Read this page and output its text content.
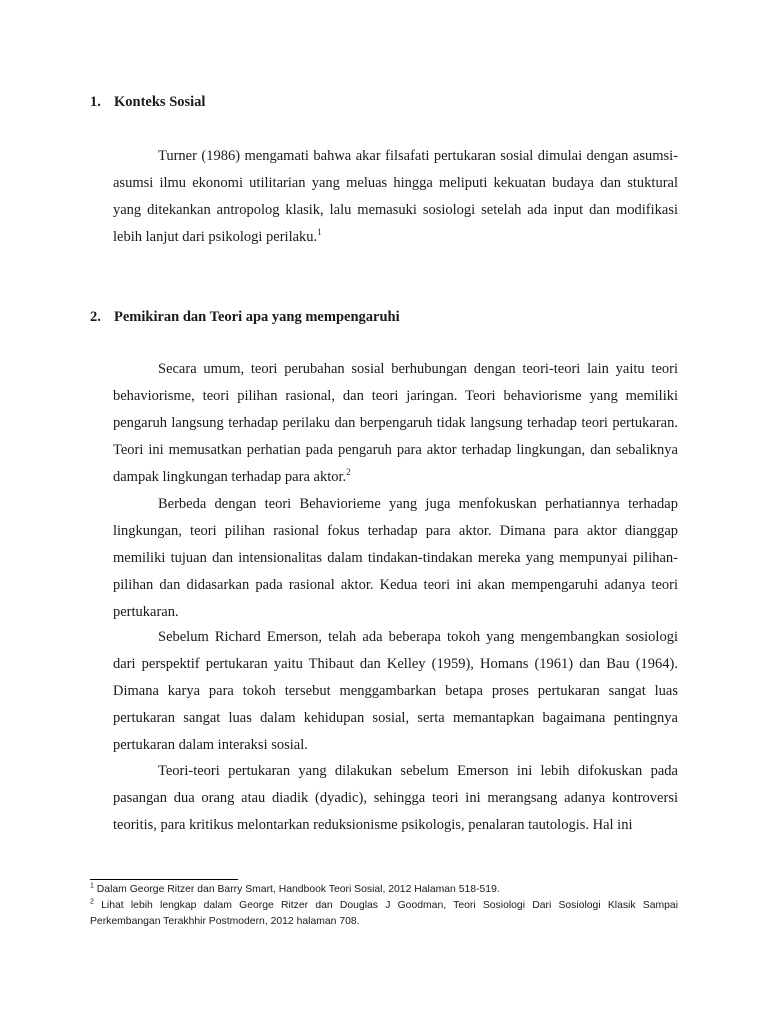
1. Konteks Sosial

Turner (1986) mengamati bahwa akar filsafati pertukaran sosial dimulai dengan asumsi-asumsi ilmu ekonomi utilitarian yang meluas hingga meliputi kekuatan budaya dan stuktural yang ditekankan antropolog klasik, lalu memasuki sosiologi setelah ada input dan modifikasi lebih lanjut dari psikologi perilaku.$^1$

2. Pemikiran dan Teori apa yang mempengaruhi

Secara umum, teori perubahan sosial berhubungan dengan teori-teori lain yaitu teori behaviorisme, teori pilihan rasional, dan teori jaringan. Teori behaviorisme yang memiliki pengaruh langsung terhadap perilaku dan berpengaruh tidak langsung terhadap teori pertukaran. Teori ini memusatkan perhatian pada pengaruh para aktor terhadap lingkungan, dan sebaliknya dampak lingkungan terhadap para aktor.$^2$

Berbeda dengan teori Behaviorieme yang juga menfokuskan perhatiannya terhadap lingkungan, teori pilihan rasional fokus terhadap para aktor. Dimana para aktor dianggap memiliki tujuan dan intensionalitas dalam tindakan-tindakan mereka yang mempunyai pilihan-pilihan dan didasarkan pada rasional aktor. Kedua teori ini akan mempengaruhi adanya teori pertukaran.

Sebelum Richard Emerson, telah ada beberapa tokoh yang mengembangkan sosiologi dari perspektif pertukaran yaitu Thibaut dan Kelley (1959), Homans (1961) dan Bau (1964). Dimana karya para tokoh tersebut menggambarkan betapa proses pertukaran sangat luas pertukaran sangat luas dalam kehidupan sosial, serta memantapkan bagaimana pentingnya pertukaran dalam interaksi sosial.

Teori-teori pertukaran yang dilakukan sebelum Emerson ini lebih difokuskan pada pasangan dua orang atau diadik (dyadic), sehingga teori ini merangsang adanya kontroversi teoritis, para kritikus melontarkan reduksionisme psikologis, penalaran tautologis. Hal ini

$^1$ Dalam George Ritzer dan Barry Smart, Handbook Teori Sosial, 2012 Halaman 518-519.

$^2$ Lihat lebih lengkap dalam George Ritzer dan Douglas J Goodman, Teori Sosiologi Dari Sosiologi Klasik Sampai Perkembangan Terakhhir Postmodern, 2012 halaman 708.
